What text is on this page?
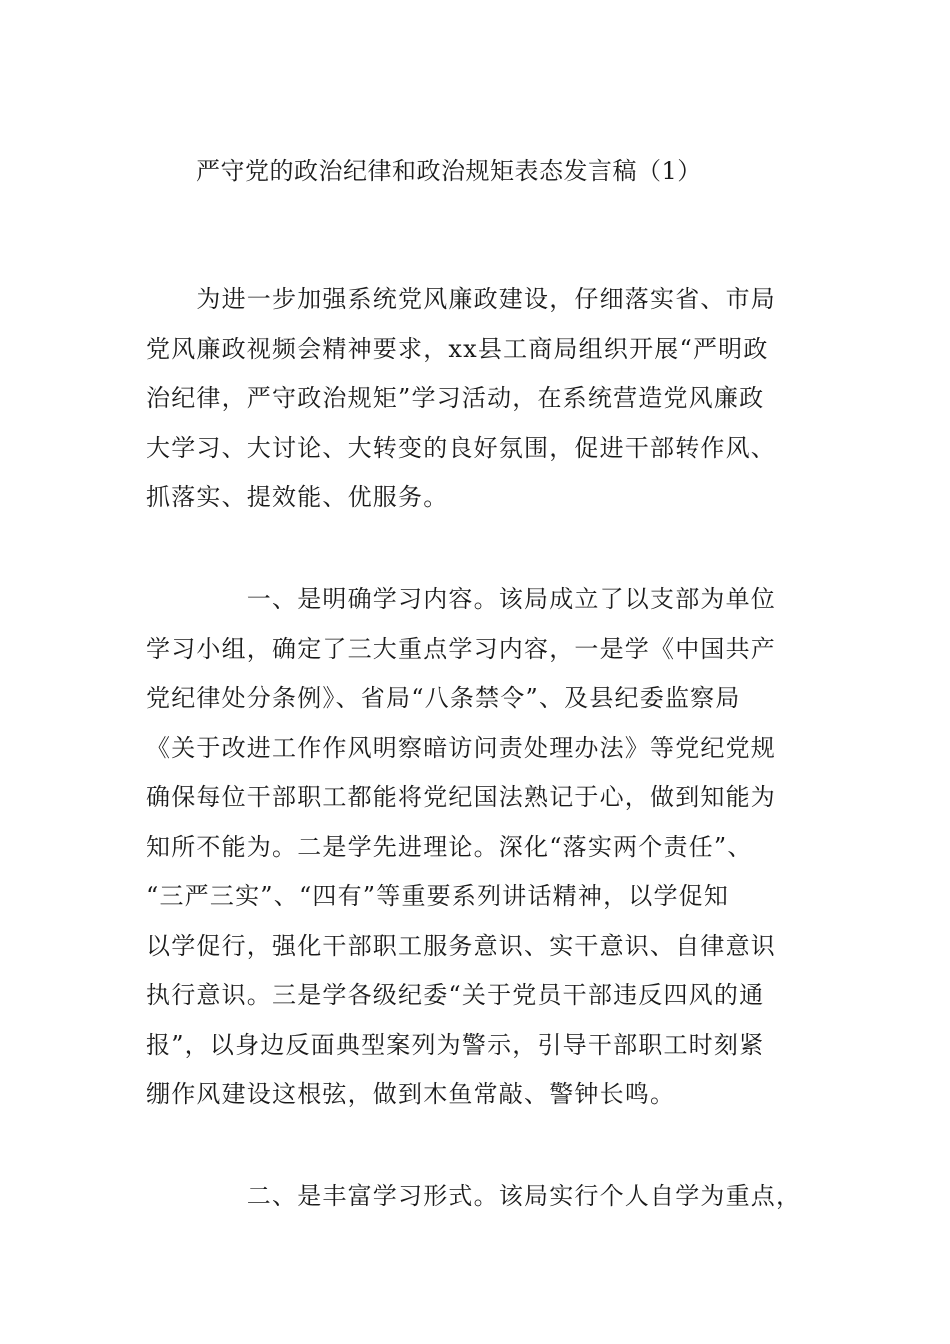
严守党的政治纪律和政治规矩表态发言稿（1）
　　为进一步加强系统党风廉政建设，仔细落实省、市局
党风廉政视频会精神要求，xx县工商局组织开展“严明政
治纪律，严守政治规矩”学习活动，在系统营造党风廉政
大学习、大讨论、大转变的良好氛围，促进干部转作风、
抓落实、提效能、优服务。
　　　　一、是明确学习内容。该局成立了以支部为单位
学习小组，确定了三大重点学习内容，一是学《中国共产
党纪律处分条例》、省局“八条禁令”、及县纪委监察局
《关于改进工作作风明察暗访问责处理办法》等党纪党规
确保每位干部职工都能将党纪国法熟记于心，做到知能为
知所不能为。二是学先进理论。深化“落实两个责任”、
“三严三实”、“四有”等重要系列讲话精神，以学促知
以学促行，强化干部职工服务意识、实干意识、自律意识
执行意识。三是学各级纪委“关于党员干部违反四风的通
报”，以身边反面典型案列为警示，引导干部职工时刻紧
绷作风建设这根弦，做到木鱼常敲、警钟长鸣。
　　　　二、是丰富学习形式。该局实行个人自学为重点，
